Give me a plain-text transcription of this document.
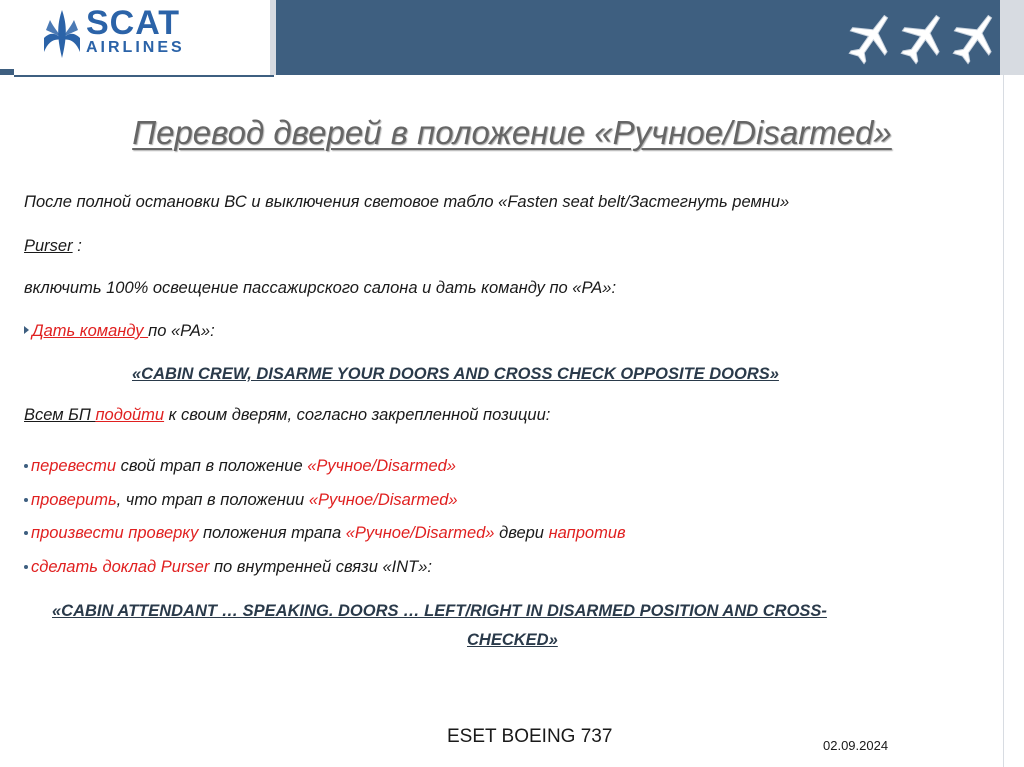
SCAT
AIRLINES
Перевод дверей в положение «Ручное/Disarmed»
После полной остановки ВС и выключения световое табло «Fasten seat belt/Застегнуть ремни»
Purser :
включить 100% освещение пассажирского салона и дать команду по «PA»:
Дать команду по «PA»:
«CABIN CREW, DISARME YOUR DOORS AND CROSS CHECK OPPOSITE DOORS»
Всем БП подойти к своим дверям, согласно закрепленной позиции:
перевести свой трап в положение «Ручное/Disarmed»
проверить, что трап в положении «Ручное/Disarmed»
произвести проверку положения трапа «Ручное/Disarmed» двери напротив
сделать доклад Purser по внутренней связи «INT»:
«CABIN ATTENDANT … SPEAKING. DOORS … LEFT/RIGHT IN DISARMED POSITION AND CROSS-
CHECKED»
ESET BOEING 737	02.09.2024
